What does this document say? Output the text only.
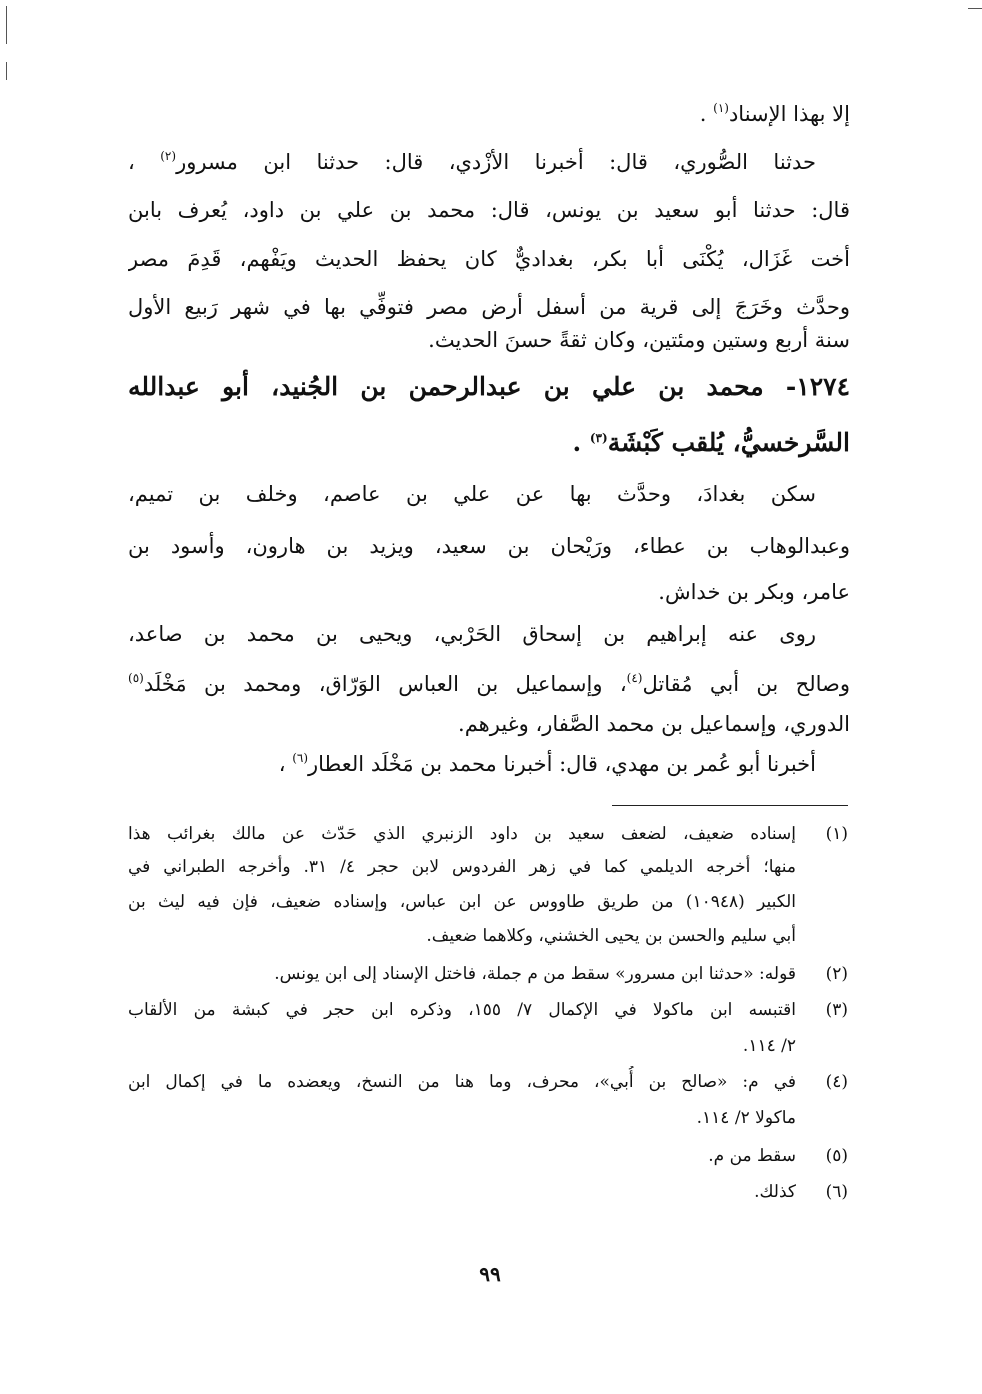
إلا بهذا الإسناد$^{(١)}$ .
حدثنا الصُّوري، قال: أخبرنا الأزْدي، قال: حدثنا ابن مسرور$^{(٢)}$ ،
قال: حدثنا أبو سعيد بن يونس، قال: محمد بن علي بن داود، يُعرف بابن
أخت غَزَال، يُكْنَى أبا بكر، بغداديٌّ كان يحفظ الحديث ويَفْهم، قَدِمَ مصر
وحدَّث وخَرَجَ إلى قرية من أسفل أرض مصر فتوفِّي بها في شهر رَبيع الأول
سنة أربع وستين ومئتين، وكان ثقةً حسنَ الحديث.
١٢٧٤- محمد بن علي بن عبدالرحمن بن الجُنيد، أبو عبدالله
السَّرخسيُّ، يُلقب كَبْشَة$^{(٣)}$ .
سكن بغدادَ، وحدَّث بها عن علي بن عاصم، وخلف بن تميم،
وعبدالوهاب بن عطاء، ورَيْحان بن سعيد، ويزيد بن هارون، وأسود بن
عامر، وبكر بن خداش.
روى عنه إبراهيم بن إسحاق الحَرْبي، ويحيى بن محمد بن صاعد،
وصالح بن أبي مُقاتل$^{(٤)}$، وإسماعيل بن العباس الوَرّاق، ومحمد بن مَخْلَد$^{(٥)}$
الدوري، وإسماعيل بن محمد الصَّفار، وغيرهم.
أخبرنا أبو عُمر بن مهدي، قال: أخبرنا محمد بن مَخْلَد العطار$^{(٦)}$ ،
(١)
إسناده ضعيف، لضعف سعيد بن داود الزنبري الذي حَدّث عن مالك بغرائب هذا
منها؛ أخرجه الديلمي كما في زهر الفردوس لابن حجر ٤/ ٣١. وأخرجه الطبراني في
الكبير (١٠٩٤٨) من طريق طاووس عن ابن عباس، وإسناده ضعيف، فإن فيه ليث بن
أبي سليم والحسن بن يحيى الخشني، وكلاهما ضعيف.
(٢)
قوله: «حدثنا ابن مسرور» سقط من م جملة، فاختل الإسناد إلى ابن يونس.
(٣)
اقتبسه ابن ماكولا في الإكمال ٧/ ١٥٥، وذكره ابن حجر في كبشة من الألقاب
٢/ ١١٤.
(٤)
في م: «صالح بن أُبي»، محرف، وما هنا من النسخ، ويعضده ما في إكمال ابن
ماكولا ٢/ ١١٤.
(٥)
سقط من م.
(٦)
كذلك.
٩٩
